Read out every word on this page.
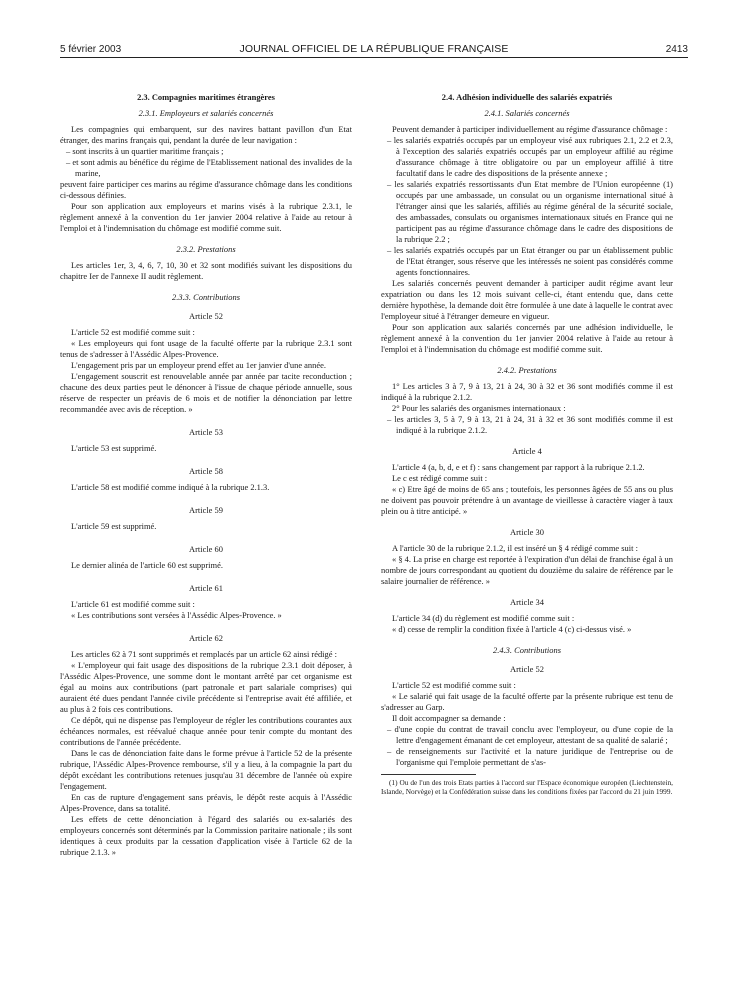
5 février 2003	JOURNAL OFFICIEL DE LA RÉPUBLIQUE FRANÇAISE	2413

2.3. Compagnies maritimes étrangères

2.3.1. Employeurs et salariés concernés

Les compagnies qui embarquent, sur des navires battant pavillon d'un Etat étranger, des marins français qui, pendant la durée de leur navigation :

– sont inscrits à un quartier maritime français ;

– et sont admis au bénéfice du régime de l'Etablissement national des invalides de la marine,

peuvent faire participer ces marins au régime d'assurance chômage dans les conditions ci-dessous définies.

Pour son application aux employeurs et marins visés à la rubrique 2.3.1, le règlement annexé à la convention du 1er janvier 2004 relative à l'aide au retour à l'emploi et à l'indemnisation du chômage est modifié comme suit.

2.3.2. Prestations

Les articles 1er, 3, 4, 6, 7, 10, 30 et 32 sont modifiés suivant les dispositions du chapitre Ier de l'annexe II audit règlement.

2.3.3. Contributions

Article 52

L'article 52 est modifié comme suit :

« Les employeurs qui font usage de la faculté offerte par la rubrique 2.3.1 sont tenus de s'adresser à l'Assédic Alpes-Provence.

L'engagement pris par un employeur prend effet au 1er janvier d'une année.

L'engagement souscrit est renouvelable année par année par tacite reconduction ; chacune des deux parties peut le dénoncer à l'issue de chaque période annuelle, sous réserve de respecter un préavis de 6 mois et de notifier la dénonciation par lettre recommandée avec avis de réception. »

Article 53

L'article 53 est supprimé.

Article 58

L'article 58 est modifié comme indiqué à la rubrique 2.1.3.

Article 59

L'article 59 est supprimé.

Article 60

Le dernier alinéa de l'article 60 est supprimé.

Article 61

L'article 61 est modifié comme suit :

« Les contributions sont versées à l'Assédic Alpes-Provence. »

Article 62

Les articles 62 à 71 sont supprimés et remplacés par un article 62 ainsi rédigé :

« L'employeur qui fait usage des dispositions de la rubrique 2.3.1 doit déposer, à l'Assédic Alpes-Provence, une somme dont le montant arrêté par cet organisme est égal au moins aux contributions (part patronale et part salariale comprises) qui auraient été dues pendant l'année civile précédente si l'entreprise avait été affiliée, et au plus à 2 fois ces contributions.

Ce dépôt, qui ne dispense pas l'employeur de régler les contributions courantes aux échéances normales, est réévalué chaque année pour tenir compte du montant des contributions de l'année précédente.

Dans le cas de dénonciation faite dans le forme prévue à l'article 52 de la présente rubrique, l'Assédic Alpes-Provence rembourse, s'il y a lieu, à la compagnie la part du dépôt excédant les contributions retenues jusqu'au 31 décembre de l'année où expire l'engagement.

En cas de rupture d'engagement sans préavis, le dépôt reste acquis à l'Assédic Alpes-Provence, dans sa totalité.

Les effets de cette dénonciation à l'égard des salariés ou ex-salariés des employeurs concernés sont déterminés par la Commission paritaire nationale ; ils sont identiques à ceux produits par la cessation d'application visée à l'article 62 de la rubrique 2.1.3. »

2.4. Adhésion individuelle des salariés expatriés

2.4.1. Salariés concernés

Peuvent demander à participer individuellement au régime d'assurance chômage :

– les salariés expatriés occupés par un employeur visé aux rubriques 2.1, 2.2 et 2.3, à l'exception des salariés expatriés occupés par un employeur affilié au régime d'assurance chômage à titre obligatoire ou par un employeur affilié à titre facultatif dans le cadre des dispositions de la présente annexe ;

– les salariés expatriés ressortissants d'un Etat membre de l'Union européenne (1) occupés par une ambassade, un consulat ou un organisme international situé à l'étranger ainsi que les salariés, affiliés au régime général de la sécurité sociale, des ambassades, consulats ou organismes internationaux situés en France qui ne participent pas au régime d'assurance chômage dans le cadre des dispositions de la rubrique 2.2 ;

– les salariés expatriés occupés par un Etat étranger ou par un établissement public de l'Etat étranger, sous réserve que les intéressés ne soient pas considérés comme agents fonctionnaires.

Les salariés concernés peuvent demander à participer audit régime avant leur expatriation ou dans les 12 mois suivant celle-ci, étant entendu que, dans cette dernière hypothèse, la demande doit être formulée à une date à laquelle le contrat avec l'employeur situé à l'étranger demeure en vigueur.

Pour son application aux salariés concernés par une adhésion individuelle, le règlement annexé à la convention du 1er janvier 2004 relative à l'aide au retour à l'emploi et à l'indemnisation du chômage est modifié comme suit.

2.4.2. Prestations

1° Les articles 3 à 7, 9 à 13, 21 à 24, 30 à 32 et 36 sont modifiés comme il est indiqué à la rubrique 2.1.2.

2° Pour les salariés des organismes internationaux :

– les articles 3, 5 à 7, 9 à 13, 21 à 24, 31 à 32 et 36 sont modifiés comme il est indiqué à la rubrique 2.1.2.

Article 4

L'article 4 (a, b, d, e et f) : sans changement par rapport à la rubrique 2.1.2.

Le c est rédigé comme suit :

« c) Etre âgé de moins de 65 ans ; toutefois, les personnes âgées de 55 ans ou plus ne doivent pas pouvoir prétendre à un avantage de vieillesse à caractère viager à taux plein ou à titre anticipé. »

Article 30

A l'article 30 de la rubrique 2.1.2, il est inséré un § 4 rédigé comme suit :

« § 4. La prise en charge est reportée à l'expiration d'un délai de franchise égal à un nombre de jours correspondant au quotient du douzième du salaire de référence par le salaire journalier de référence. »

Article 34

L'article 34 (d) du règlement est modifié comme suit :

« d) cesse de remplir la condition fixée à l'article 4 (c) ci-dessus visé. »

2.4.3. Contributions

Article 52

L'article 52 est modifié comme suit :

« Le salarié qui fait usage de la faculté offerte par la présente rubrique est tenu de s'adresser au Garp.

Il doit accompagner sa demande :

– d'une copie du contrat de travail conclu avec l'employeur, ou d'une copie de la lettre d'engagement émanant de cet employeur, attestant de sa qualité de salarié ;

– de renseignements sur l'activité et la nature juridique de l'entreprise ou de l'organisme qui l'emploie permettant de s'as-

(1) Ou de l'un des trois Etats parties à l'accord sur l'Espace économique européen (Liechtenstein, Islande, Norvège) et la Confédération suisse dans les conditions fixées par l'accord du 21 juin 1999.
